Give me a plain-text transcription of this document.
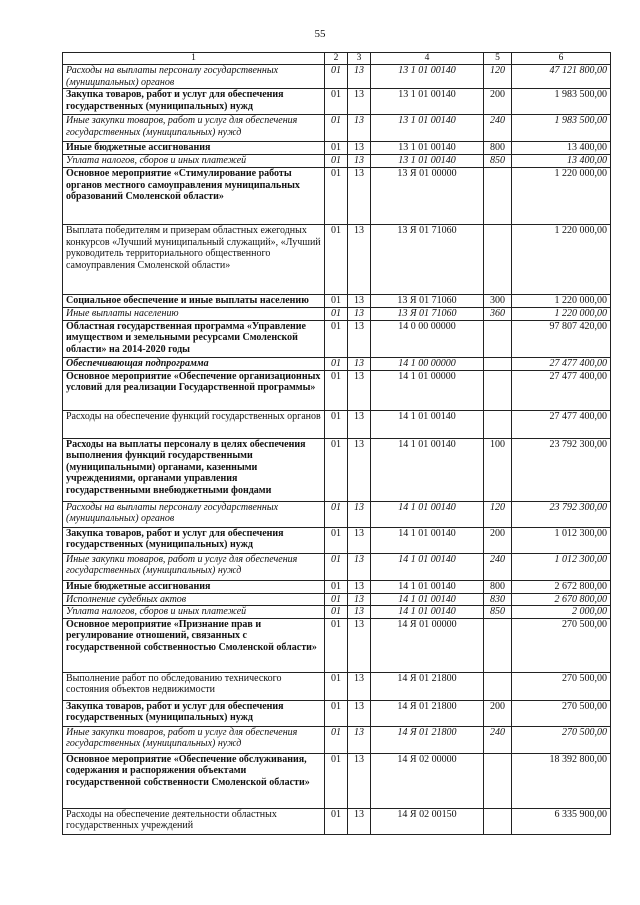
55
1	2	3	4	5	6
Расходы на выплаты персоналу государственных (муниципальных) органов	01	13	13 1 01 00140	120	47 121 800,00
Закупка товаров, работ и услуг для обеспечения государственных (муниципальных) нужд	01	13	13 1 01 00140	200	1 983 500,00
Иные закупки товаров, работ и услуг для обеспечения государственных (муниципальных) нужд	01	13	13 1 01 00140	240	1 983 500,00
Иные бюджетные ассигнования	01	13	13 1 01 00140	800	13 400,00
Уплата налогов, сборов и иных платежей	01	13	13 1 01 00140	850	13 400,00
Основное мероприятие «Стимулирование работы органов местного самоуправления муниципальных образований Смоленской области»	01	13	13 Я 01 00000		1 220 000,00
Выплата победителям и призерам областных ежегодных конкурсов «Лучший муниципальный служащий», «Лучший руководитель территориального общественного самоуправления Смоленской области»	01	13	13 Я 01 71060		1 220 000,00
Социальное обеспечение и иные выплаты населению	01	13	13 Я 01 71060	300	1 220 000,00
Иные выплаты населению	01	13	13 Я 01 71060	360	1 220 000,00
Областная государственная программа «Управление имуществом и земельными ресурсами Смоленской области» на 2014-2020 годы	01	13	14 0 00 00000		97 807 420,00
Обеспечивающая подпрограмма	01	13	14 1 00 00000		27 477 400,00
Основное мероприятие «Обеспечение организационных условий для реализации Государственной программы»	01	13	14 1 01 00000		27 477 400,00
Расходы на обеспечение функций государственных органов	01	13	14 1 01 00140		27 477 400,00
Расходы на выплаты персоналу в целях обеспечения выполнения функций государственными (муниципальными) органами, казенными учреждениями, органами управления государственными внебюджетными фондами	01	13	14 1 01 00140	100	23 792 300,00
Расходы на выплаты персоналу государственных (муниципальных) органов	01	13	14 1 01 00140	120	23 792 300,00
Закупка товаров, работ и услуг для обеспечения государственных (муниципальных) нужд	01	13	14 1 01 00140	200	1 012 300,00
Иные закупки товаров, работ и услуг для обеспечения государственных (муниципальных) нужд	01	13	14 1 01 00140	240	1 012 300,00
Иные бюджетные ассигнования	01	13	14 1 01 00140	800	2 672 800,00
Исполнение судебных актов	01	13	14 1 01 00140	830	2 670 800,00
Уплата налогов, сборов и иных платежей	01	13	14 1 01 00140	850	2 000,00
Основное мероприятие «Признание прав и регулирование отношений, связанных с государственной собственностью Смоленской области»	01	13	14 Я 01 00000		270 500,00
Выполнение работ по обследованию технического состояния объектов недвижимости	01	13	14 Я 01 21800		270 500,00
Закупка товаров, работ и услуг для обеспечения государственных (муниципальных) нужд	01	13	14 Я 01 21800	200	270 500,00
Иные закупки товаров, работ и услуг для обеспечения государственных (муниципальных) нужд	01	13	14 Я 01 21800	240	270 500,00
Основное мероприятие «Обеспечение обслуживания, содержания и распоряжения объектами государственной собственности Смоленской области»	01	13	14 Я 02 00000		18 392 800,00
Расходы на обеспечение деятельности областных государственных учреждений	01	13	14 Я 02 00150		6 335 900,00
